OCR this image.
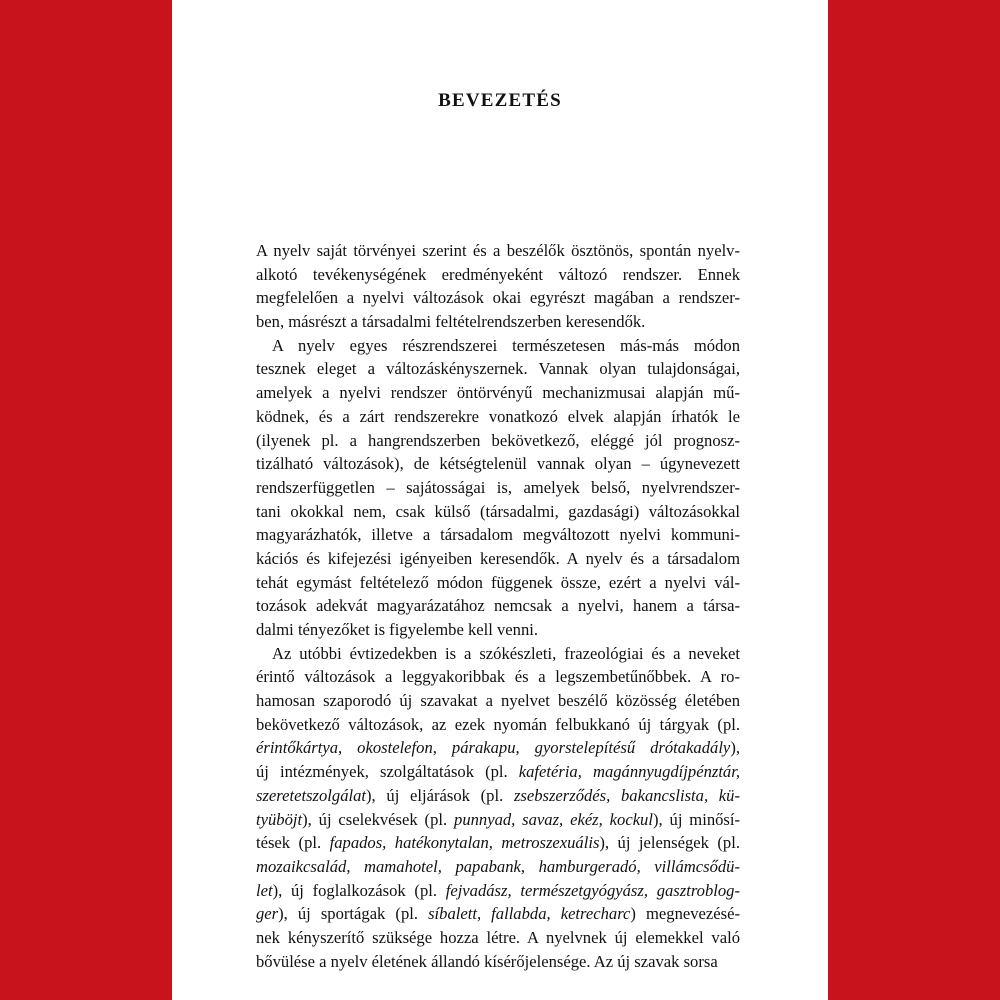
BEVEZETÉS
A nyelv saját törvényei szerint és a beszélők ösztönös, spontán nyelv-
alkotó tevékenységének eredményeként változó rendszer. Ennek
megfelelően a nyelvi változások okai egyrészt magában a rendszer-
ben, másrészt a társadalmi feltételrendszerben keresendők.
A nyelv egyes részrendszerei természetesen más-más módon
tesznek eleget a változáskényszernek. Vannak olyan tulajdonságai,
amelyek a nyelvi rendszer öntörvényű mechanizmusai alapján mű-
ködnek, és a zárt rendszerekre vonatkozó elvek alapján írhatók le
(ilyenek pl. a hangrendszerben bekövetkező, eléggé jól prognosz-
tizálható változások), de kétségtelenül vannak olyan – úgynevezett
rendszerfüggetlen – sajátosságai is, amelyek belső, nyelvrendszer-
tani okokkal nem, csak külső (társadalmi, gazdasági) változásokkal
magyarázhatók, illetve a társadalom megváltozott nyelvi kommuni-
kációs és kifejezési igényeiben keresendők. A nyelv és a társadalom
tehát egymást feltételező módon függenek össze, ezért a nyelvi vál-
tozások adekvát magyarázatához nemcsak a nyelvi, hanem a társa-
dalmi tényezőket is figyelembe kell venni.
Az utóbbi évtizedekben is a szókészleti, frazeológiai és a neveket
érintő változások a leggyakoribbak és a legszembetűnőbbek. A ro-
hamosan szaporodó új szavakat a nyelvet beszélő közösség életében
bekövetkező változások, az ezek nyomán felbukkanó új tárgyak (pl.
érintőkártya, okostelefon, párakapu, gyorstelepítésű drótakadály),
új intézmények, szolgáltatások (pl. kafetéria, magánnyugdíjpénztár,
szeretetszolgálat), új eljárások (pl. zsebszerződés, bakancslista, kü-
tyüböjt), új cselekvések (pl. punnyad, savaz, ekéz, kockul), új minősí-
tések (pl. fapados, hatékonytalan, metroszexuális), új jelenségek (pl.
mozaikcsalád, mamahotel, papabank, hamburgeradó, villámcsődü-
let), új foglalkozások (pl. fejvadász, természetgyógyász, gasztroblog-
ger), új sportágak (pl. síbalett, fallabda, ketrecharc) megnevezésé-
nek kényszerítő szüksége hozza létre. A nyelvnek új elemekkel való
bővülése a nyelv életének állandó kísérőjelensége. Az új szavak sorsa
